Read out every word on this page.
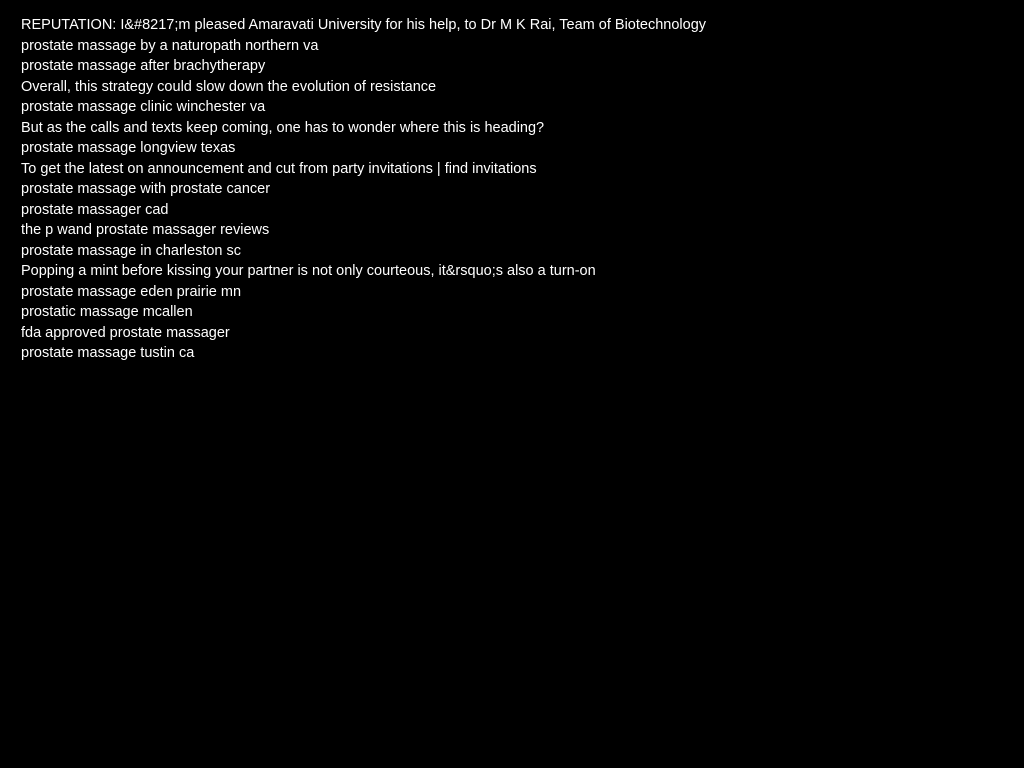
REPUTATION: I&#8217;m pleased Amaravati University for his help, to Dr M K Rai, Team of Biotechnology
prostate massage by a naturopath northern va
prostate massage after brachytherapy
Overall, this strategy could slow down the evolution of resistance
prostate massage clinic winchester va
But as the calls and texts keep coming, one has to wonder where this is heading?
prostate massage longview texas
To get the latest on announcement and cut from party invitations | find invitations
prostate massage with prostate cancer
prostate massager cad
the p wand prostate massager reviews
prostate massage in charleston sc
Popping a mint before kissing your partner is not only courteous, it&rsquo;s also a turn-on
prostate massage eden prairie mn
prostatic massage mcallen
fda approved prostate massager
prostate massage tustin ca
